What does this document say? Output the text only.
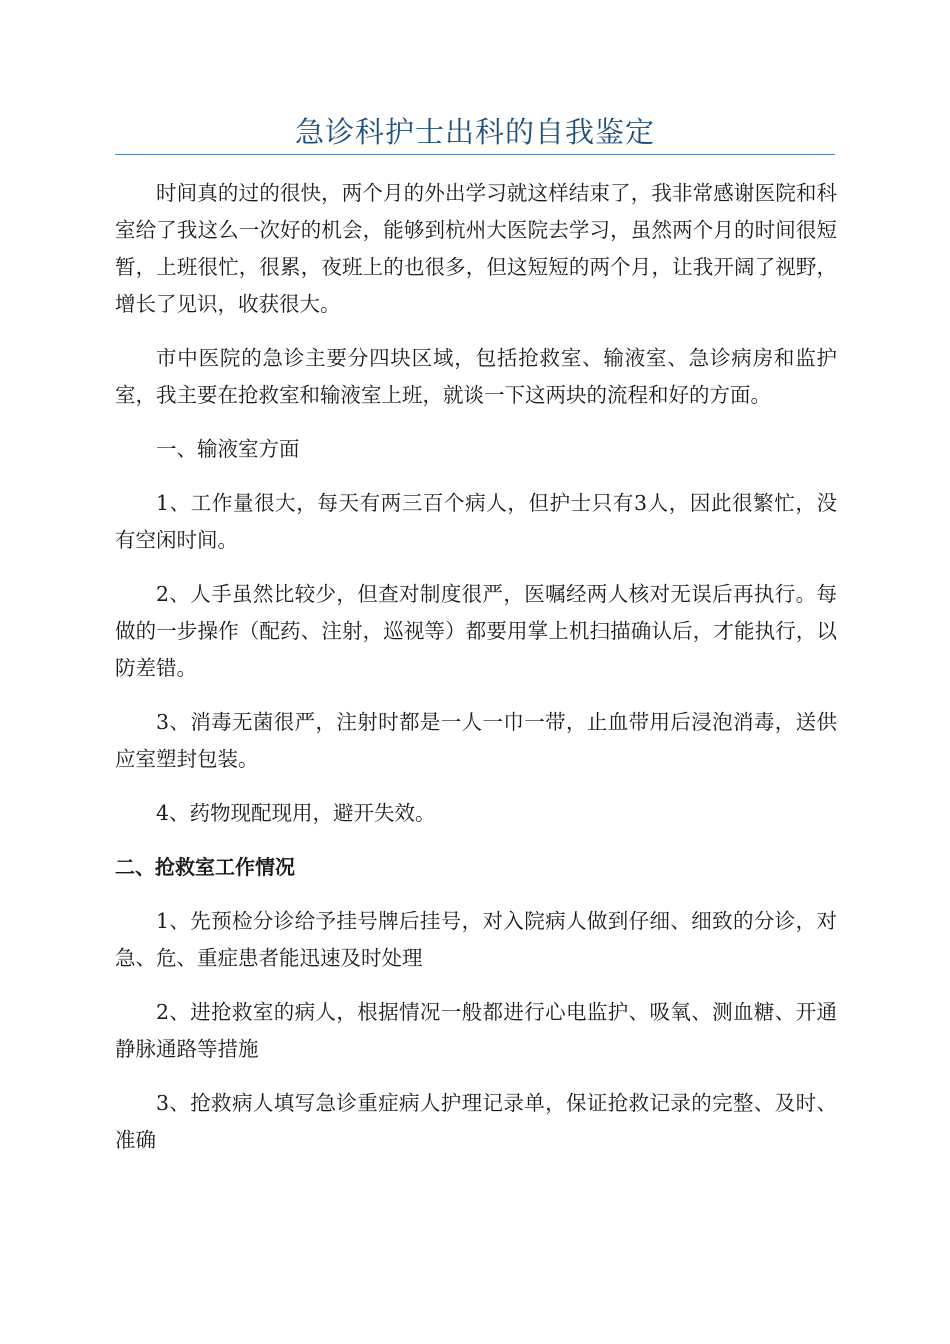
急诊科护士出科的自我鉴定

时间真的过的很快，两个月的外出学习就这样结束了，我非常感谢医院和科室给了我这么一次好的机会，能够到杭州大医院去学习，虽然两个月的时间很短暂，上班很忙，很累，夜班上的也很多，但这短短的两个月，让我开阔了视野，增长了见识，收获很大。

市中医院的急诊主要分四块区域，包括抢救室、输液室、急诊病房和监护室，我主要在抢救室和输液室上班，就谈一下这两块的流程和好的方面。

一、输液室方面

1、工作量很大，每天有两三百个病人，但护士只有3人，因此很繁忙，没有空闲时间。

2、人手虽然比较少，但查对制度很严，医嘱经两人核对无误后再执行。每做的一步操作（配药、注射，巡视等）都要用掌上机扫描确认后，才能执行，以防差错。

3、消毒无菌很严，注射时都是一人一巾一带，止血带用后浸泡消毒，送供应室塑封包装。

4、药物现配现用，避开失效。

二、抢救室工作情况

1、先预检分诊给予挂号牌后挂号，对入院病人做到仔细、细致的分诊，对急、危、重症患者能迅速及时处理

2、进抢救室的病人，根据情况一般都进行心电监护、吸氧、测血糖、开通静脉通路等措施

3、抢救病人填写急诊重症病人护理记录单，保证抢救记录的完整、及时、准确
